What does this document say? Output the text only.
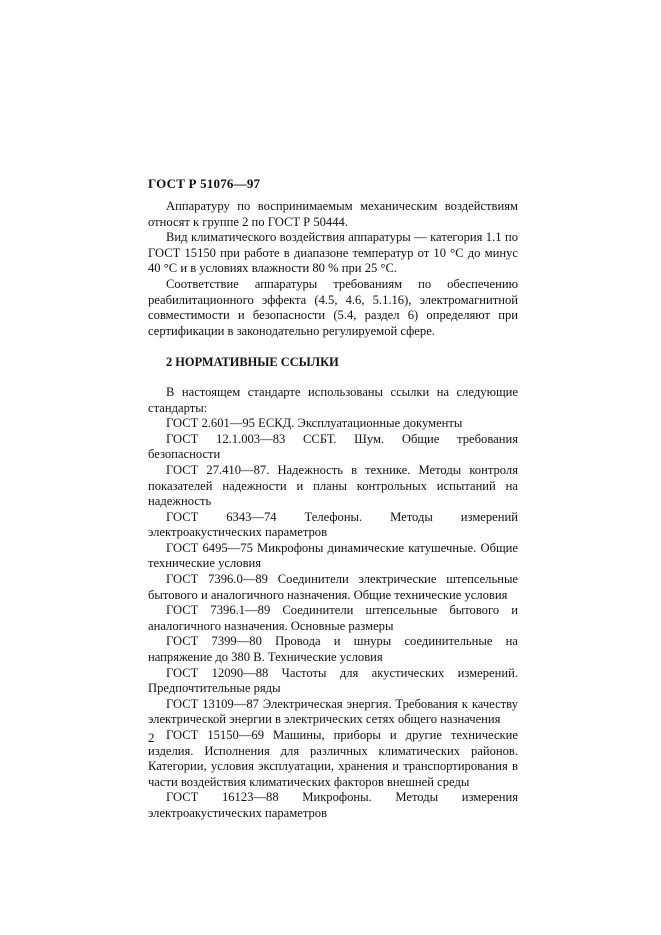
ГОСТ Р 51076—97

Аппаратуру по воспринимаемым механическим воздействиям относят к группе 2 по ГОСТ Р 50444.

Вид климатического воздействия аппаратуры — категория 1.1 по ГОСТ 15150 при работе в диапазоне температур от 10 °С до минус 40 °С и в условиях влажности 80 % при 25 °С.

Соответствие аппаратуры требованиям по обеспечению реабилитационного эффекта (4.5, 4.6, 5.1.16), электромагнитной совместимости и безопасности (5.4, раздел 6) определяют при сертификации в законодательно регулируемой сфере.

2 НОРМАТИВНЫЕ ССЫЛКИ

В настоящем стандарте использованы ссылки на следующие стандарты:

ГОСТ 2.601—95 ЕСКД. Эксплуатационные документы

ГОСТ 12.1.003—83 ССБТ. Шум. Общие требования безопасности

ГОСТ 27.410—87. Надежность в технике. Методы контроля показателей надежности и планы контрольных испытаний на надежность

ГОСТ 6343—74 Телефоны. Методы измерений электроакустических параметров

ГОСТ 6495—75 Микрофоны динамические катушечные. Общие технические условия

ГОСТ 7396.0—89 Соединители электрические штепсельные бытового и аналогичного назначения. Общие технические условия

ГОСТ 7396.1—89 Соединители штепсельные бытового и аналогичного назначения. Основные размеры

ГОСТ 7399—80 Провода и шнуры соединительные на напряжение до 380 В. Технические условия

ГОСТ 12090—88 Частоты для акустических измерений. Предпочтительные ряды

ГОСТ 13109—87 Электрическая энергия. Требования к качеству электрической энергии в электрических сетях общего назначения

ГОСТ 15150—69 Машины, приборы и другие технические изделия. Исполнения для различных климатических районов. Категории, условия эксплуатации, хранения и транспортирования в части воздействия климатических факторов внешней среды

ГОСТ 16123—88 Микрофоны. Методы измерения электроакустических параметров

2
